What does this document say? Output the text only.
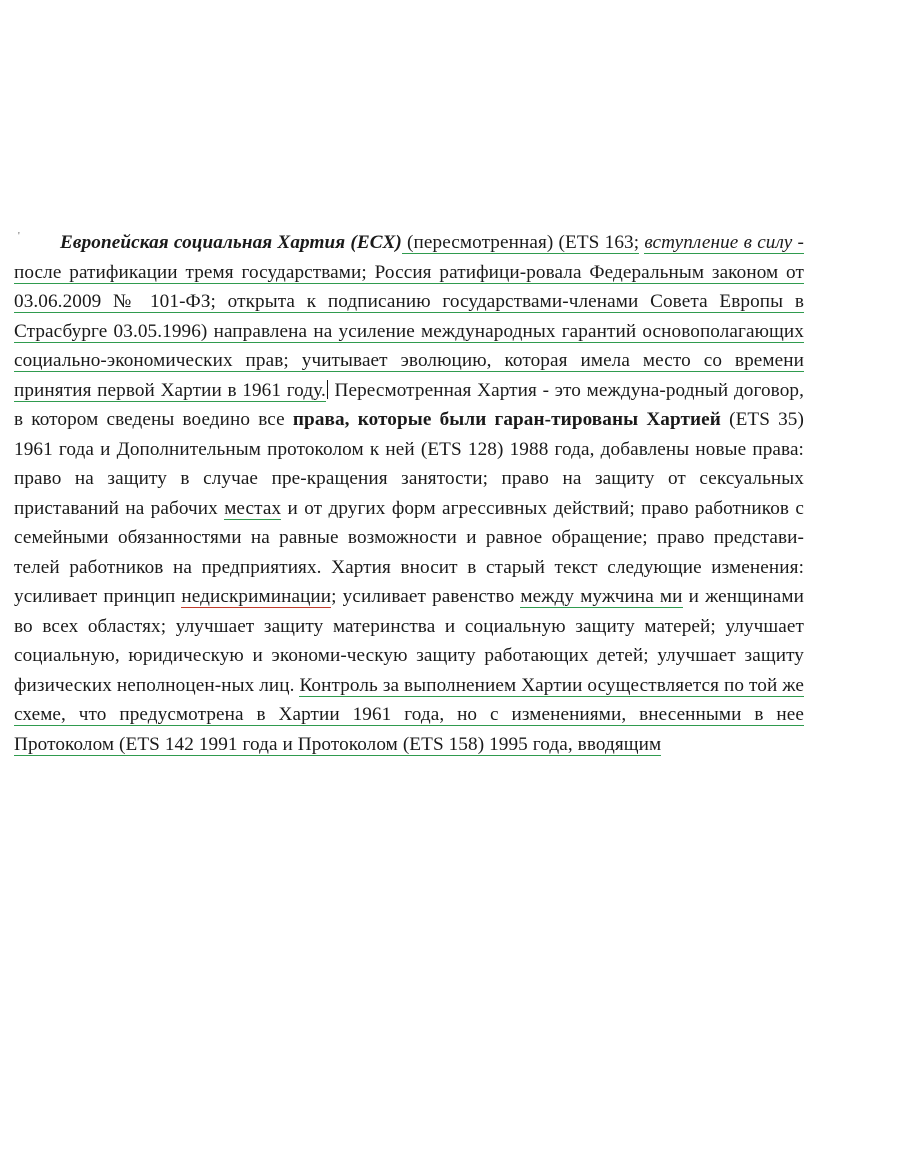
'	Европейская социальная Хартия (ЕСХ) (пересмотренная) (ETS 163; вступление в силу - после ратификации тремя государствами; Россия ратифици-ровала Федеральным законом от 03.06.2009 № 101-ФЗ; открыта к подписанию государствами-членами Совета Европы в Страсбурге 03.05.1996) направлена на усиление международных гарантий основополагающих социально-экономических прав; учитывает эволюцию, которая имела место со времени принятия первой Хартии в 1961 году. Пересмотренная Хартия - это междуна-родный договор, в котором сведены воедино все права, которые были гаран-тированы Хартией (ETS 35) 1961 года и Дополнительным протоколом к ней (ETS 128) 1988 года, добавлены новые права: право на защиту в случае пре-кращения занятости; право на защиту от сексуальных приставаний на рабочих местах и от других форм агрессивных действий; право работников с семейными обязанностями на равные возможности и равное обращение; право представи-телей работников на предприятиях. Хартия вносит в старый текст следующие изменения: усиливает принцип недискриминации; усиливает равенство между мужчина ми и женщинами во всех областях; улучшает защиту материнства и социальную защиту матерей; улучшает социальную, юридическую и экономи-ческую защиту работающих детей; улучшает защиту физических неполноцен-ных лиц. Контроль за выполнением Хартии осуществляется по той же схеме, что предусмотрена в Хартии 1961 года, но с изменениями, внесенными в нее Протоколом (ETS 142 1991 года и Протоколом (ETS 158) 1995 года, вводящим
